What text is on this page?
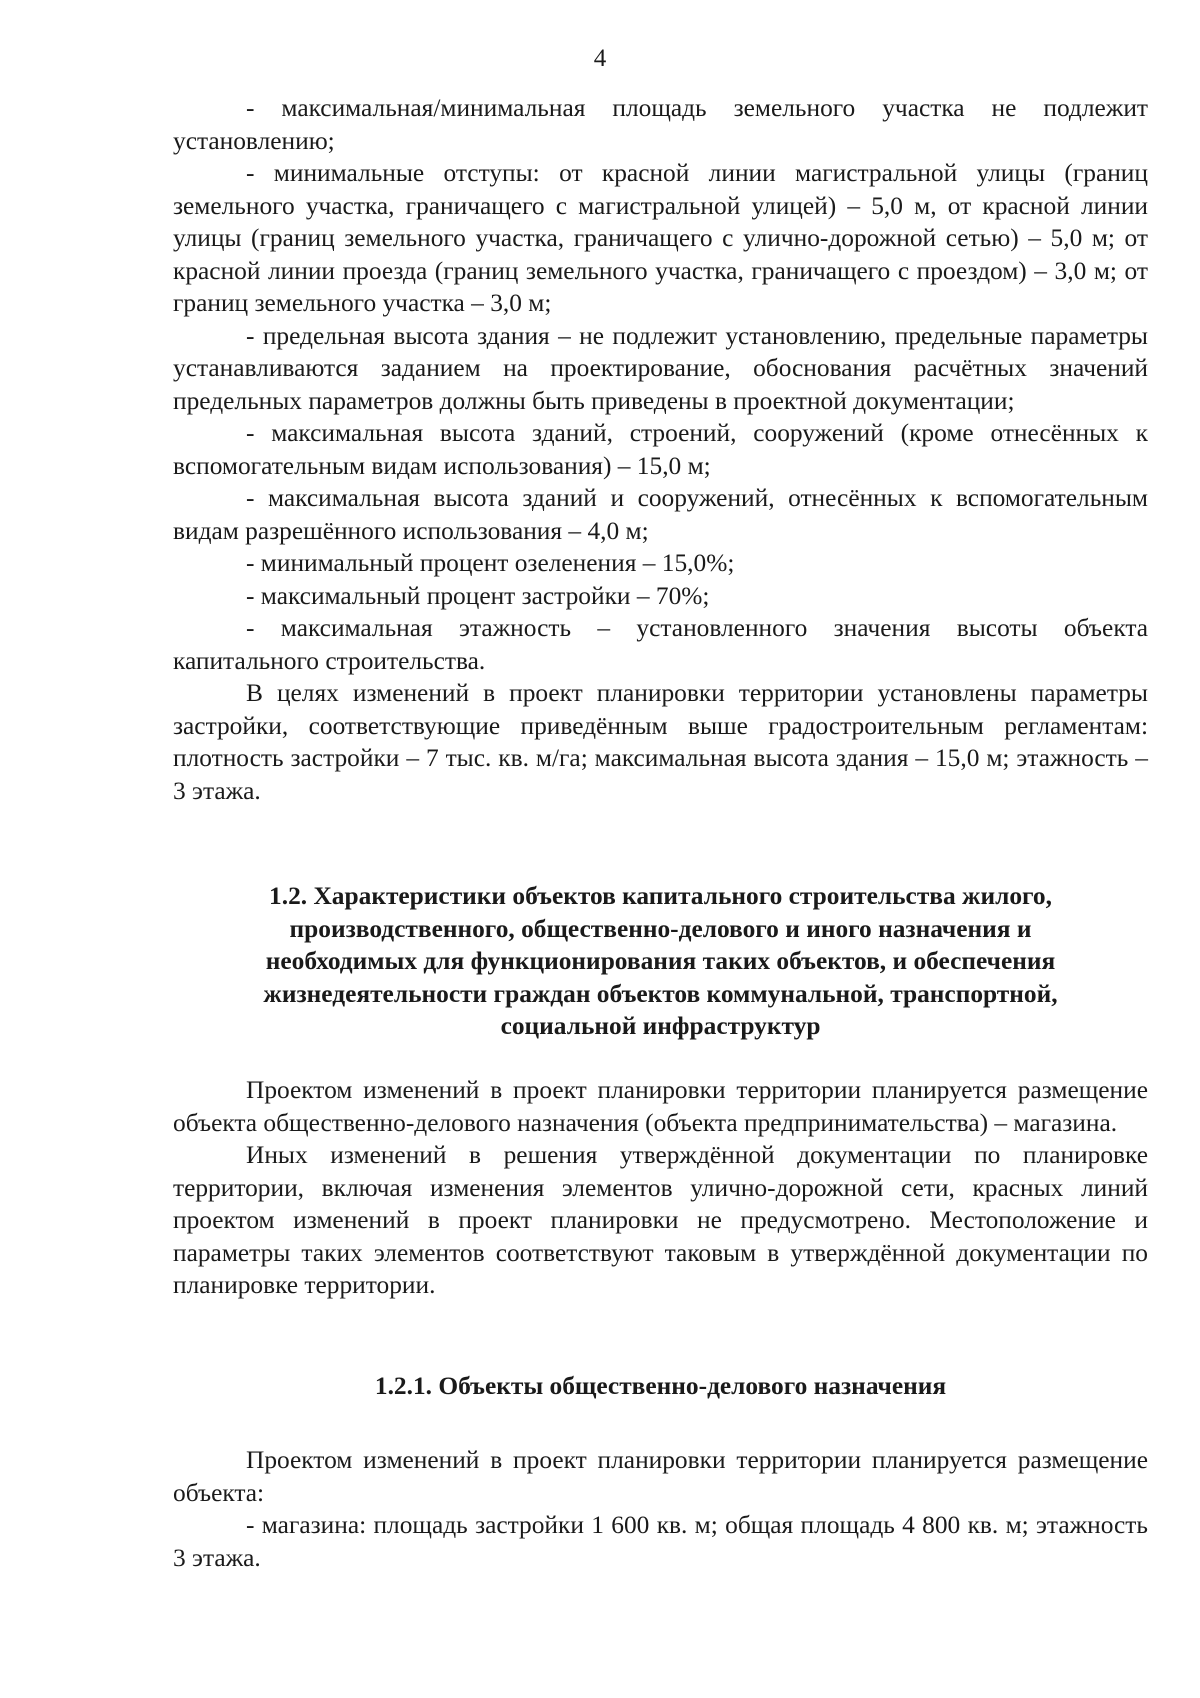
4

- максимальная/минимальная площадь земельного участка не подлежит установлению;

- минимальные отступы: от красной линии магистральной улицы (границ земельного участка, граничащего с магистральной улицей) – 5,0 м, от красной линии улицы (границ земельного участка, граничащего с улично-дорожной сетью) – 5,0 м; от красной линии проезда (границ земельного участка, граничащего с проездом) – 3,0 м; от границ земельного участка – 3,0 м;

- предельная высота здания – не подлежит установлению, предельные параметры устанавливаются заданием на проектирование, обоснования расчётных значений предельных параметров должны быть приведены в проектной документации;

- максимальная высота зданий, строений, сооружений (кроме отнесённых к вспомогательным видам использования) – 15,0 м;

- максимальная высота зданий и сооружений, отнесённых к вспомогательным видам разрешённого использования – 4,0 м;

- минимальный процент озеленения – 15,0%;

- максимальный процент застройки – 70%;

- максимальная этажность – установленного значения высоты объекта капитального строительства.

В целях изменений в проект планировки территории установлены параметры застройки, соответствующие приведённым выше градостроительным регламентам: плотность застройки – 7 тыс. кв. м/га; максимальная высота здания – 15,0 м; этажность – 3 этажа.

1.2. Характеристики объектов капитального строительства жилого,
производственного, общественно-делового и иного назначения и
необходимых для функционирования таких объектов, и обеспечения
жизнедеятельности граждан объектов коммунальной, транспортной,
социальной инфраструктур

Проектом изменений в проект планировки территории планируется размещение объекта общественно-делового назначения (объекта предпринимательства) – магазина.

Иных изменений в решения утверждённой документации по планировке территории, включая изменения элементов улично-дорожной сети, красных линий проектом изменений в проект планировки не предусмотрено. Местоположение и параметры таких элементов соответствуют таковым в утверждённой документации по планировке территории.

1.2.1. Объекты общественно-делового назначения

Проектом изменений в проект планировки территории планируется размещение объекта:

- магазина: площадь застройки 1 600 кв. м; общая площадь 4 800 кв. м; этажность 3 этажа.
